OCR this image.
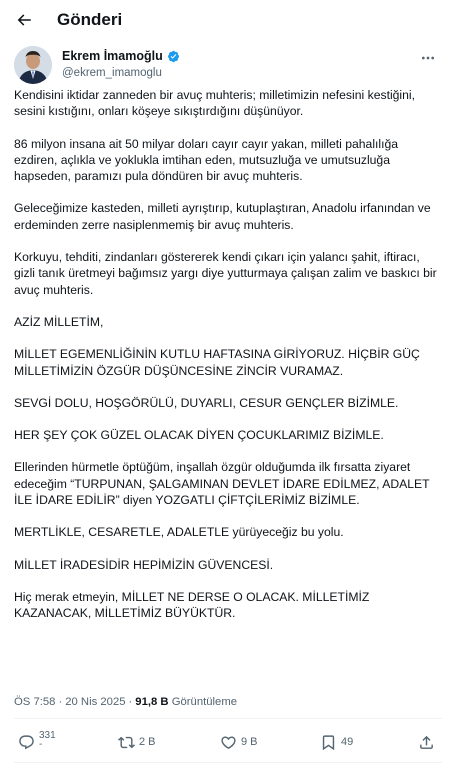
Gönderi
Ekrem İmamoğlu
@ekrem_imamoglu

Kendisini iktidar zanneden bir avuç muhteris; milletimizin nefesini kestiğini, sesini kıstığını, onları köşeye sıkıştırdığını düşünüyor.

86 milyon insana ait 50 milyar doları cayır cayır yakan, milleti pahalılığa ezdiren, açlıkla ve yoklukla imtihan eden, mutsuzluğa ve umutsuzluğa hapseden, paramızı pula döndüren bir avuç muhteris.

Geleceğimize kasteden, milleti ayrıştırıp, kutuplaştıran, Anadolu irfanından ve erdeminden zerre nasiplenmemiş bir avuç muhteris.

Korkuyu, tehditi, zindanları göstererek kendi çıkarı için yalancı şahit, iftiracı, gizli tanık üretmeyi bağımsız yargı diye yutturmaya çalışan zalim ve baskıcı bir avuç muhteris.

AZİZ MİLLETİM,

MİLLET EGEMENLİĞİNİN KUTLU HAFTASINA GİRİYORUZ. HİÇBİR GÜÇ MİLLETİMİZİN ÖZGÜR DÜŞÜNCESİNE ZİNCİR VURAMAZ.

SEVGİ DOLU, HOŞGÖRÜLÜ, DUYARLI, CESUR GENÇLER BİZİMLE.

HER ŞEY ÇOK GÜZEL OLACAK DİYEN ÇOCUKLARIMIZ BİZİMLE.

Ellerinden hürmetle öptüğüm, inşallah özgür olduğumda ilk fırsatta ziyaret edeceğim “TURPUNAN, ŞALGAMINAN DEVLET İDARE EDİLMEZ, ADALET İLE İDARE EDİLİR” diyen YOZGATLI ÇİFTÇİLERİMİZ BİZİMLE.

MERTLİKLE, CESARETLE, ADALETLE yürüyeceğiz bu yolu.

MİLLET İRADESİDİR HEPİMİZİN GÜVENCESİ.

Hiç merak etmeyin, MİLLET NE DERSE O OLACAK. MİLLETİMİZ KAZANACAK, MİLLETİMİZ BÜYÜKTÜR.

ÖS 7:58 · 20 Nis 2025 · 91,8 B Görüntüleme
331
-	2 B	9 B	49
